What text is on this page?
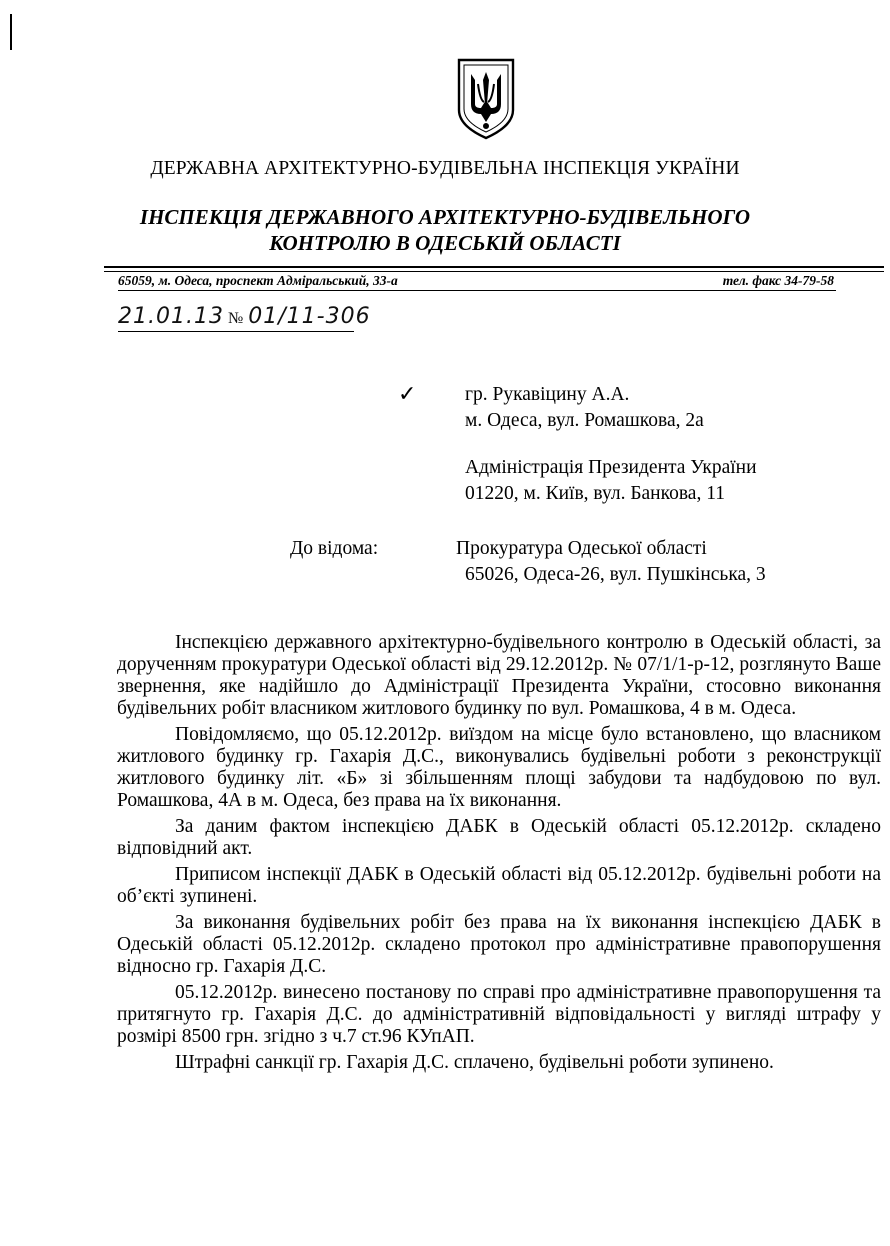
ДЕРЖАВНА АРХІТЕКТУРНО-БУДІВЕЛЬНА ІНСПЕКЦІЯ УКРАЇНИ
ІНСПЕКЦІЯ ДЕРЖАВНОГО АРХІТЕКТУРНО-БУДІВЕЛЬНОГО
КОНТРОЛЮ В ОДЕСЬКІЙ ОБЛАСТІ
65059, м. Одеса, проспект Адміральський, 33-а	тел. факс 34-79-58
21.01.13 № 01/11-306
✓ гр. Рукавіцину А.А.
м. Одеса, вул. Ромашкова, 2а
Адміністрація Президента України
01220, м. Київ, вул. Банкова, 11
До відома:	Прокуратура Одеської області
65026, Одеса-26, вул. Пушкінська, 3

Інспекцією державного архітектурно-будівельного контролю в Одеській області, за дорученням прокуратури Одеської області від 29.12.2012р. № 07/1/1-р-12, розглянуто Ваше звернення, яке надійшло до Адміністрації Президента України, стосовно виконання будівельних робіт власником житлового будинку по вул. Ромашкова, 4 в м. Одеса.

Повідомляємо, що 05.12.2012р. виїздом на місце було встановлено, що власником житлового будинку гр. Гахарія Д.С., виконувались будівельні роботи з реконструкції житлового будинку літ. «Б» зі збільшенням площі забудови та надбудовою по вул. Ромашкова, 4А в м. Одеса, без права на їх виконання.

За даним фактом інспекцією ДАБК в Одеській області 05.12.2012р. складено відповідний акт.

Приписом інспекції ДАБК в Одеській області від 05.12.2012р. будівельні роботи на об’єкті зупинені.

За виконання будівельних робіт без права на їх виконання інспекцією ДАБК в Одеській області 05.12.2012р. складено протокол про адміністративне правопорушення відносно гр. Гахарія Д.С.

05.12.2012р. винесено постанову по справі про адміністративне правопорушення та притягнуто гр. Гахарія Д.С. до адміністративній відповідальності у вигляді штрафу у розмірі 8500 грн. згідно з ч.7 ст.96 КУпАП.

Штрафні санкції гр. Гахарія Д.С. сплачено, будівельні роботи зупинено.
